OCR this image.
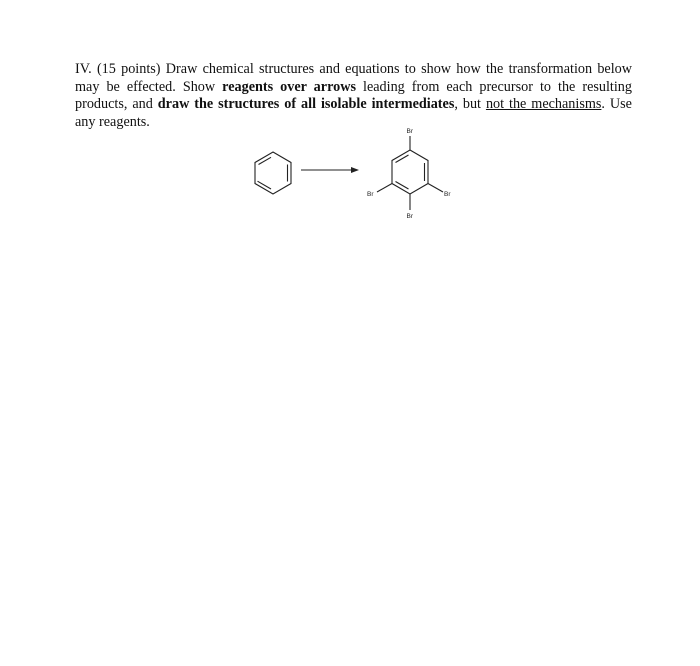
IV. (15 points) Draw chemical structures and equations to show how the transformation below may be effected. Show reagents over arrows leading from each precursor to the resulting products, and draw the structures of all isolable intermediates, but not the mechanisms. Use any reagents.
Br
Br	Br
Br
